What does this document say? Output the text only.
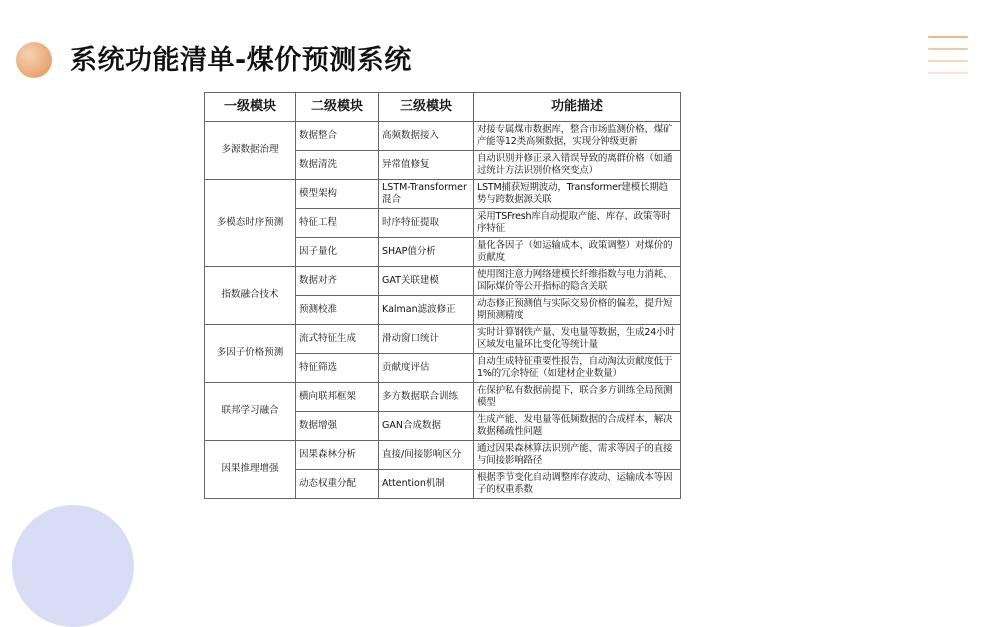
系统功能清单-煤价预测系统
一级模块	二级模块	三级模块	功能描述
多源数据治理	数据整合	高频数据接入	对接专属煤市数据库，整合市场监测价格、煤矿产能等12类高频数据，实现分钟级更新
	数据清洗	异常值修复	自动识别并修正录入错误导致的离群价格（如通过统计方法识别价格突变点）
多模态时序预测	模型架构	LSTM-Transformer混合	LSTM捕获短期波动，Transformer建模长期趋势与跨数据源关联
	特征工程	时序特征提取	采用TSFresh库自动提取产能、库存、政策等时序特征
	因子量化	SHAP值分析	量化各因子（如运输成本、政策调整）对煤价的贡献度
指数融合技术	数据对齐	GAT关联建模	使用图注意力网络建模长纤维指数与电力消耗、国际煤价等公开指标的隐含关联
	预测校准	Kalman滤波修正	动态修正预测值与实际交易价格的偏差，提升短期预测精度
多因子价格预测	流式特征生成	滑动窗口统计	实时计算钢铁产量、发电量等数据，生成24小时区域发电量环比变化等统计量
	特征筛选	贡献度评估	自动生成特征重要性报告，自动淘汰贡献度低于1%的冗余特征（如建材企业数量）
联邦学习融合	横向联邦框架	多方数据联合训练	在保护私有数据前提下，联合多方训练全局预测模型
	数据增强	GAN合成数据	生成产能、发电量等低频数据的合成样本，解决数据稀疏性问题
因果推理增强	因果森林分析	直接/间接影响区分	通过因果森林算法识别产能、需求等因子的直接与间接影响路径
	动态权重分配	Attention机制	根据季节变化自动调整库存波动、运输成本等因子的权重系数
